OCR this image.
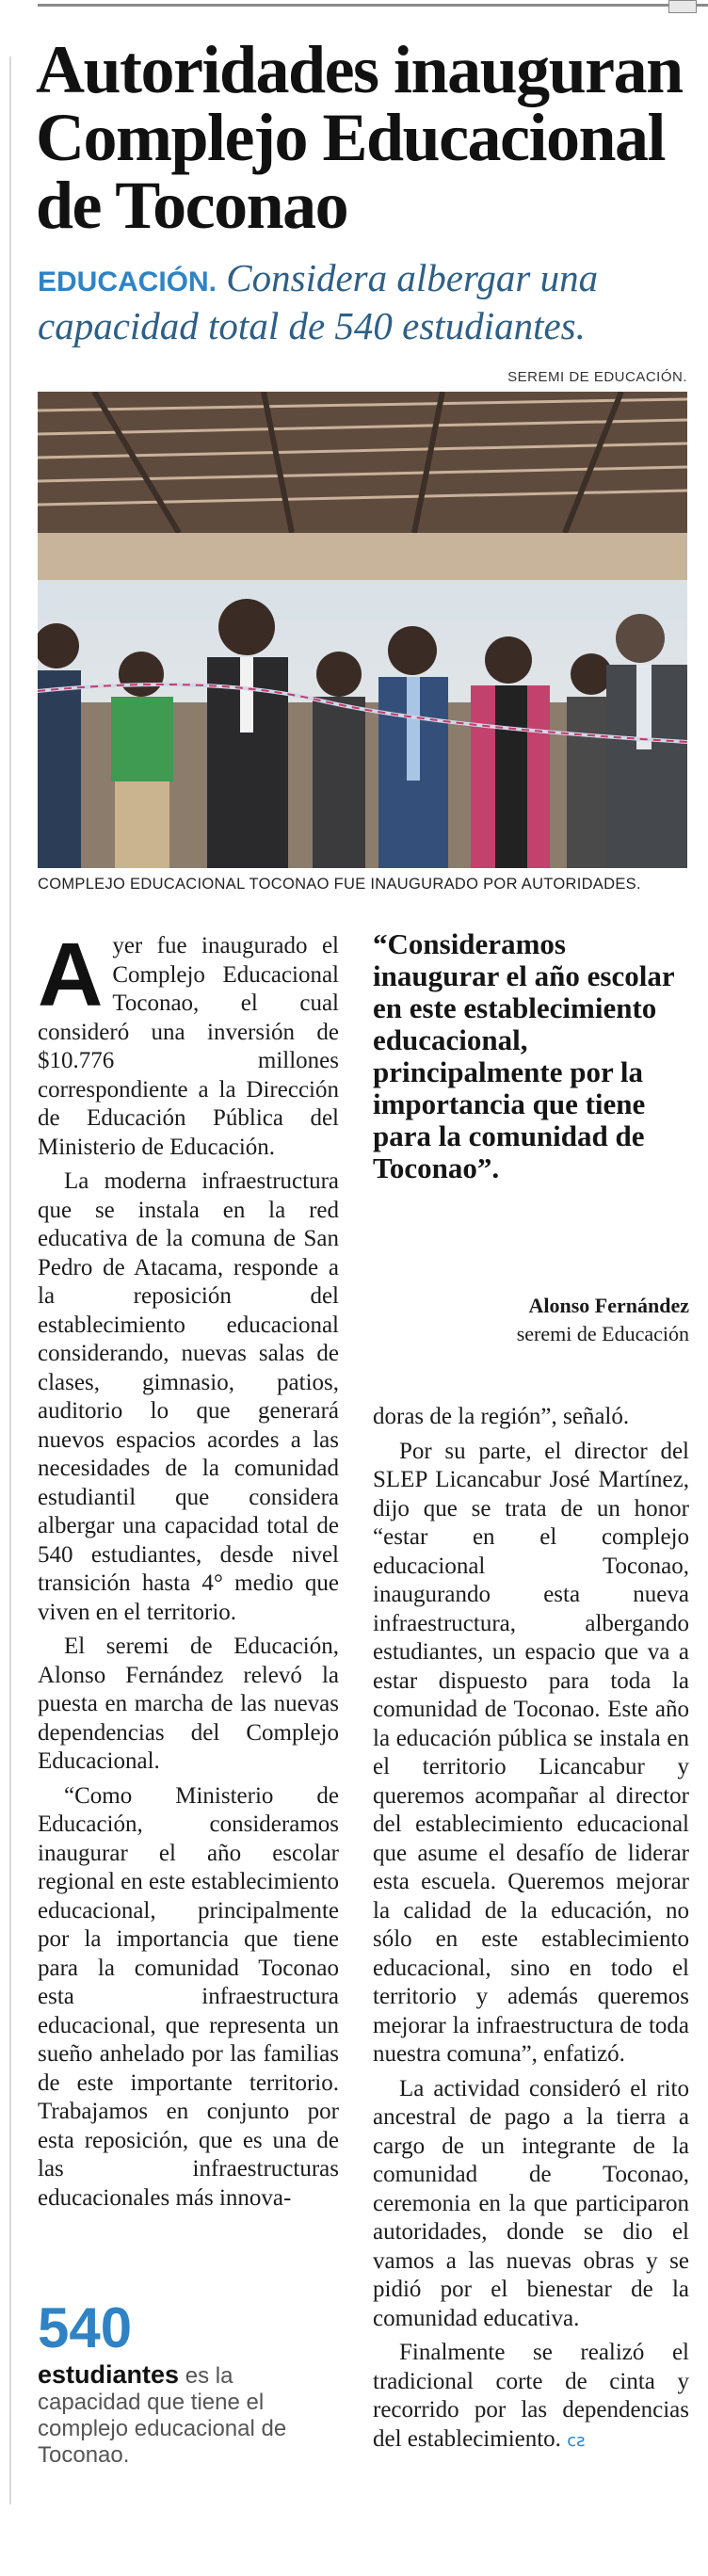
Autoridades inauguran
Complejo Educacional
de Toconao

EDUCACIÓN. Considera albergar una capacidad total de 540 estudiantes.

SEREMI DE EDUCACIÓN.
COMPLEJO EDUCACIONAL TOCONAO FUE INAUGURADO POR AUTORIDADES.
A yer fue inaugurado el Complejo Educacional Toconao, el cual consideró una inversión de $10.776 millones correspondiente a la Dirección de Educación Pública del Ministerio de Educación.

La moderna infraestructura que se instala en la red educativa de la comuna de San Pedro de Atacama, responde a la reposición del establecimiento educacional considerando, nuevas salas de clases, gimnasio, patios, auditorio lo que generará nuevos espacios acordes a las necesidades de la comunidad estudiantil que considera albergar una capacidad total de 540 estudiantes, desde nivel transición hasta 4° medio que viven en el territorio.

El seremi de Educación, Alonso Fernández relevó la puesta en marcha de las nuevas dependencias del Complejo Educacional.

“Como Ministerio de Educación, consideramos inaugurar el año escolar regional en este establecimiento educacional, principalmente por la importancia que tiene para la comunidad Toconao esta infraestructura educacional, que representa un sueño anhelado por las familias de este importante territorio. Trabajamos en conjunto por esta reposición, que es una de las infraestructuras educacionales más innova-

“Consideramos inaugurar el año escolar en este establecimiento educacional, principalmente por la importancia que tiene para la comunidad de Toconao”.

Alonso Fernández
seremi de Educación

doras de la región”, señaló.

Por su parte, el director del SLEP Licancabur José Martínez, dijo que se trata de un honor “estar en el complejo educacional Toconao, inaugurando esta nueva infraestructura, albergando estudiantes, un espacio que va a estar dispuesto para toda la comunidad de Toconao. Este año la educación pública se instala en el territorio Licancabur y queremos acompañar al director del establecimiento educacional que asume el desafío de liderar esta escuela. Queremos mejorar la calidad de la educación, no sólo en este establecimiento educacional, sino en todo el territorio y además queremos mejorar la infraestructura de toda nuestra comuna”, enfatizó.

La actividad consideró el rito ancestral de pago a la tierra a cargo de un integrante de la comunidad de Toconao, ceremonia en la que participaron autoridades, donde se dio el vamos a las nuevas obras y se pidió por el bienestar de la comunidad educativa.

Finalmente se realizó el tradicional corte de cinta y recorrido por las dependencias del establecimiento. ᴄƨ

540
estudiantes es la capacidad que tiene el complejo educacional de Toconao.
